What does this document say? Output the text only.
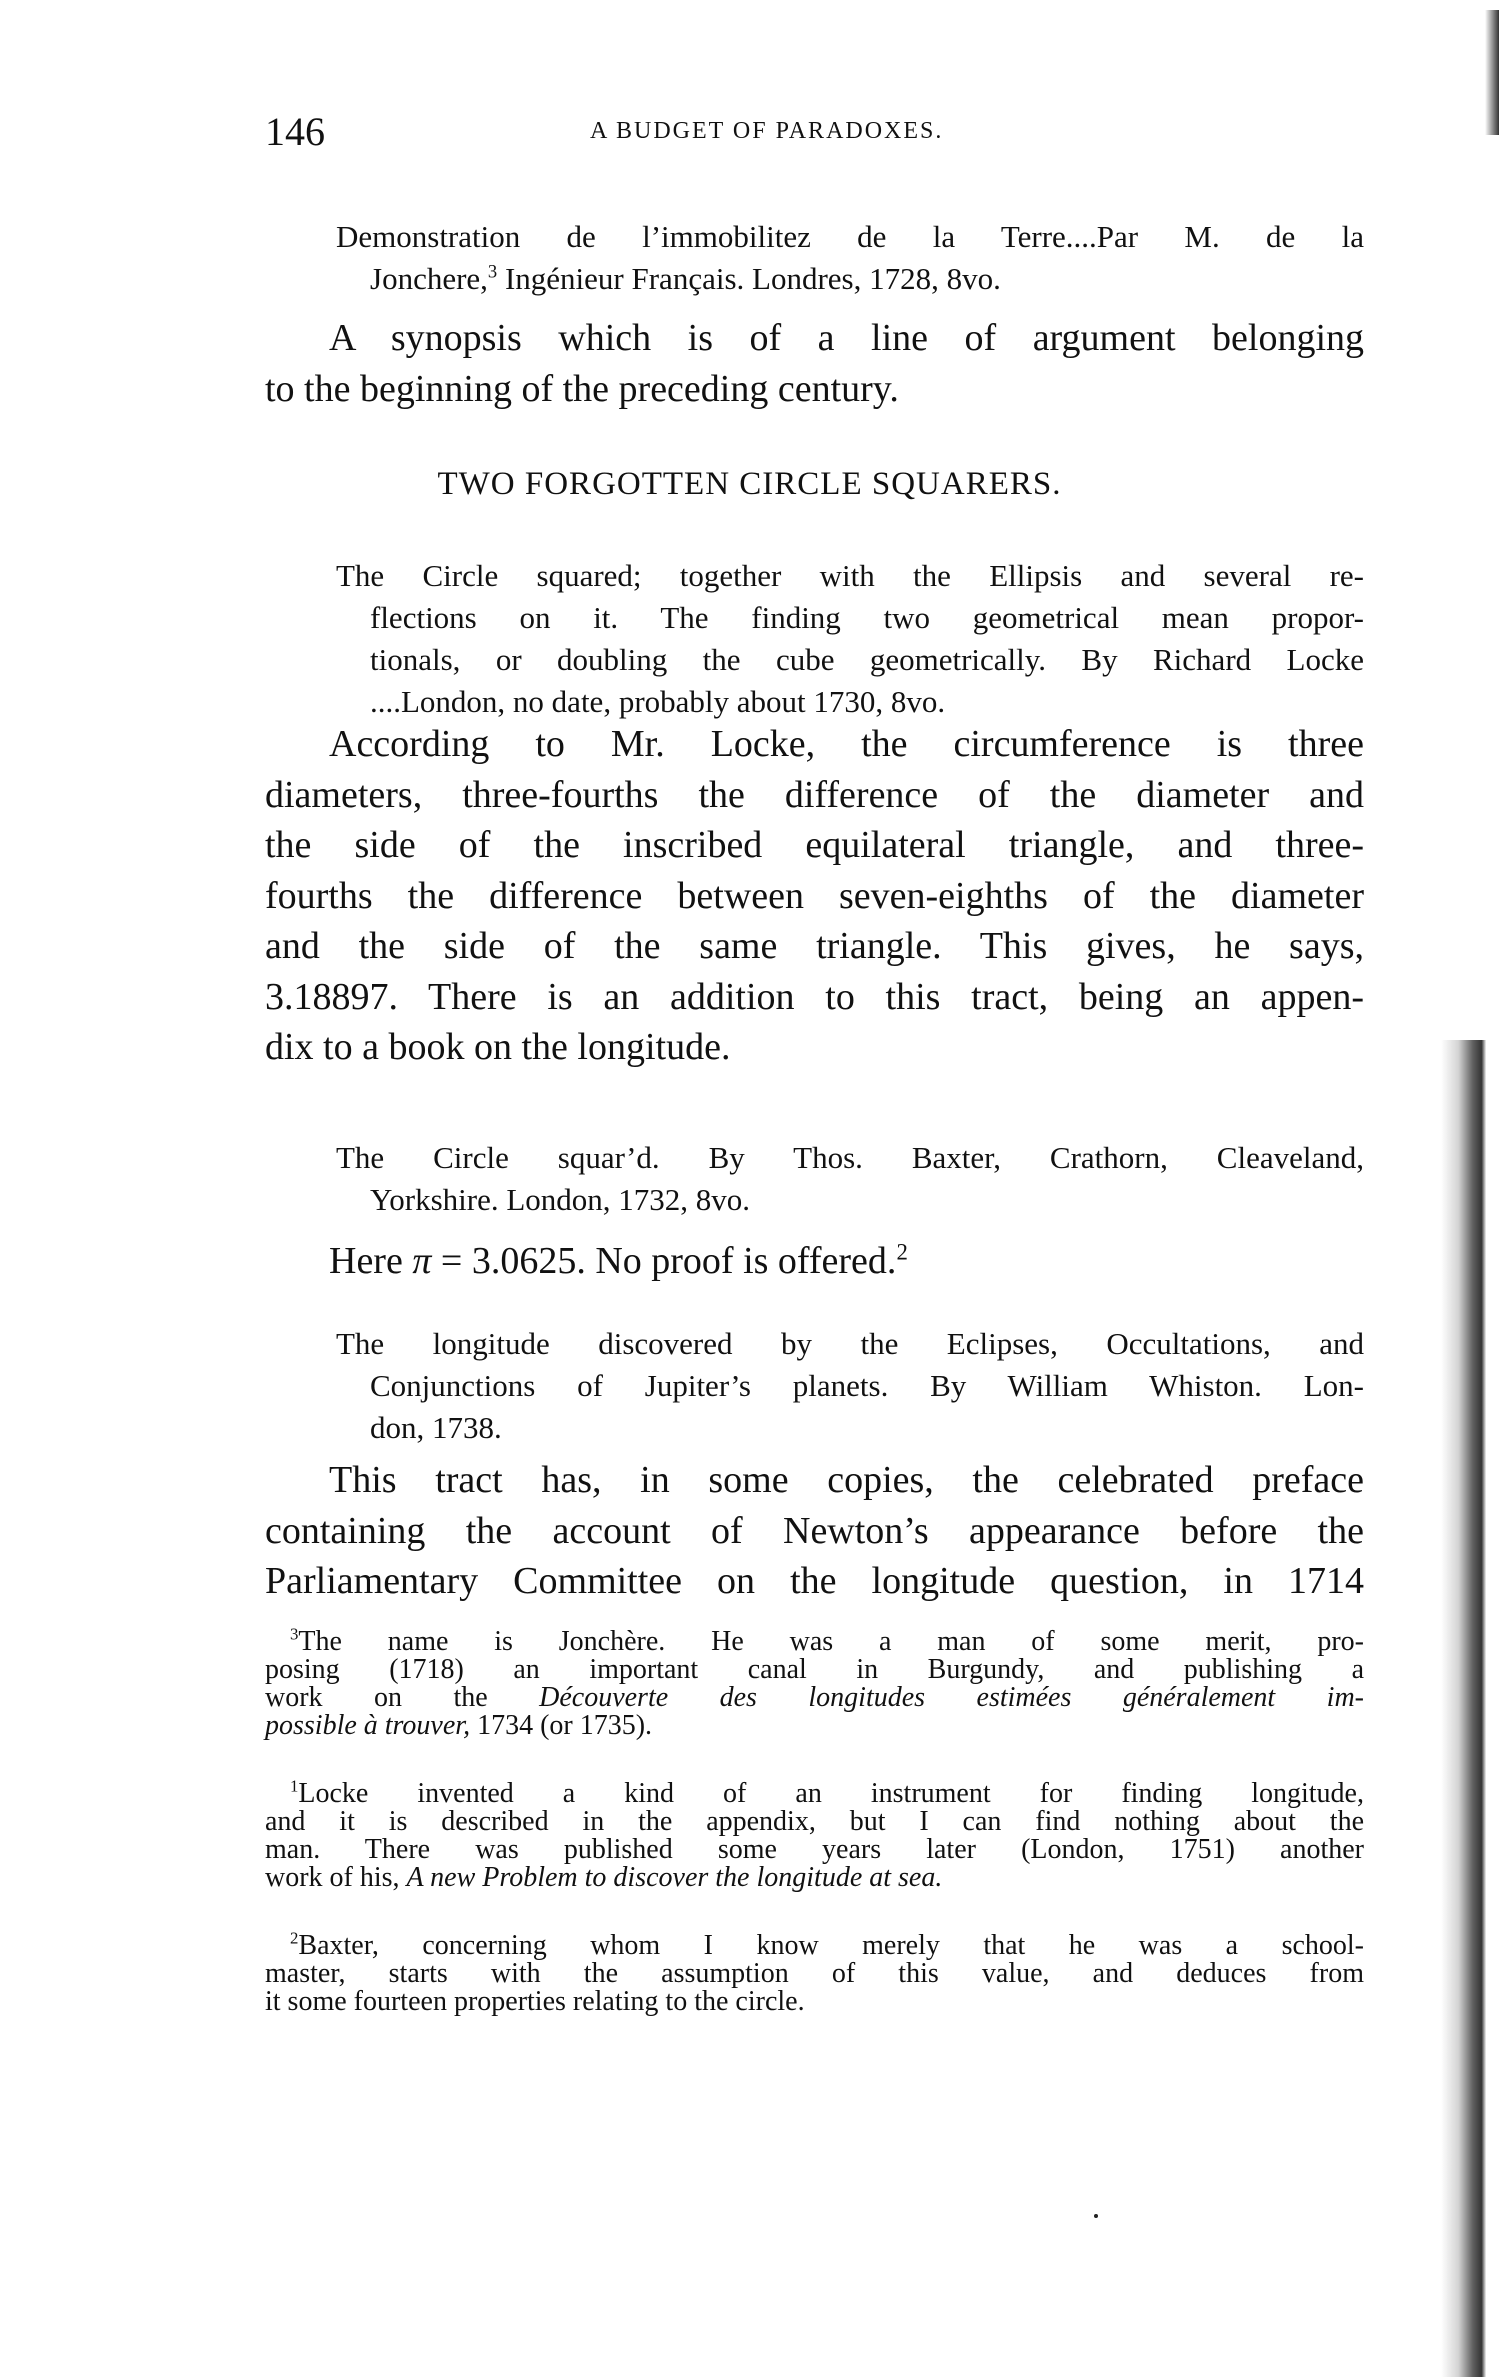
146	A BUDGET OF PARADOXES.
TWO FORGOTTEN CIRCLE SQUARERS.
Demonstration de l’immobilitez de la Terre....Par M. de la
Jonchere,$^3$ Ingénieur Français. Londres, 1728, 8vo.
A synopsis which is of a line of argument belonging
to the beginning of the preceding century.
The Circle squared; together with the Ellipsis and several re-
flections on it. The finding two geometrical mean propor-
tionals, or doubling the cube geometrically. By Richard Locke
....London, no date, probably about 1730, 8vo.
According to Mr. Locke, the circumference is three
diameters, three-fourths the difference of the diameter and
the side of the inscribed equilateral triangle, and three-
fourths the difference between seven-eighths of the diameter
and the side of the same triangle. This gives, he says,
3.18897. There is an addition to this tract, being an appen-
dix to a book on the longitude.
The Circle squar’d. By Thos. Baxter, Crathorn, Cleaveland,
Yorkshire. London, 1732, 8vo.
Here π = 3.0625. No proof is offered.$^2$
The longitude discovered by the Eclipses, Occultations, and
Conjunctions of Jupiter’s planets. By William Whiston. Lon-
don, 1738.
This tract has, in some copies, the celebrated preface
containing the account of Newton’s appearance before the
Parliamentary Committee on the longitude question, in 1714
$^3$The name is Jonchère. He was a man of some merit, pro-
posing (1718) an important canal in Burgundy, and publishing a
work on the Découverte des longitudes estimées généralement im-
possible à trouver, 1734 (or 1735).
$^1$Locke invented a kind of an instrument for finding longitude,
and it is described in the appendix, but I can find nothing about the
man. There was published some years later (London, 1751) another
work of his, A new Problem to discover the longitude at sea.
$^2$Baxter, concerning whom I know merely that he was a school-
master, starts with the assumption of this value, and deduces from
it some fourteen properties relating to the circle.
